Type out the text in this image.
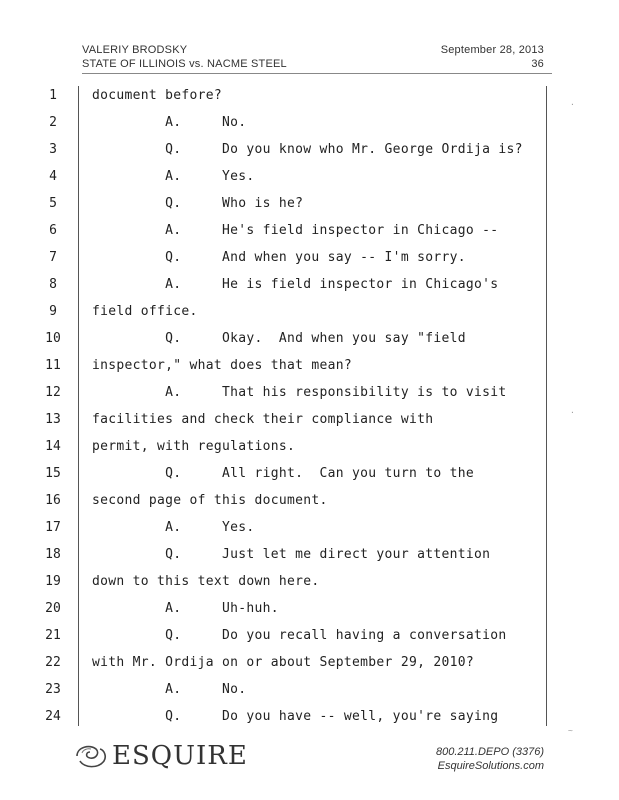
VALERIY BRODSKY
STATE OF ILLINOIS vs. NACME STEEL
September 28, 2013
36
1	document before?
2	A.     No.
3	Q.     Do you know who Mr. George Ordija is?
4	A.     Yes.
5	Q.     Who is he?
6	A.     He's field inspector in Chicago --
7	Q.     And when you say -- I'm sorry.
8	A.     He is field inspector in Chicago's
9	field office.
10	Q.     Okay.  And when you say "field
11	inspector," what does that mean?
12	A.     That his responsibility is to visit
13	facilities and check their compliance with
14	permit, with regulations.
15	Q.     All right.  Can you turn to the
16	second page of this document.
17	A.     Yes.
18	Q.     Just let me direct your attention
19	down to this text down here.
20	A.     Uh-huh.
21	Q.     Do you recall having a conversation
22	with Mr. Ordija on or about September 29, 2010?
23	A.     No.
24	Q.     Do you have -- well, you're saying
·
·
~
ESQUIRE	800.211.DEPO (3376)
EsquireSolutions.com
